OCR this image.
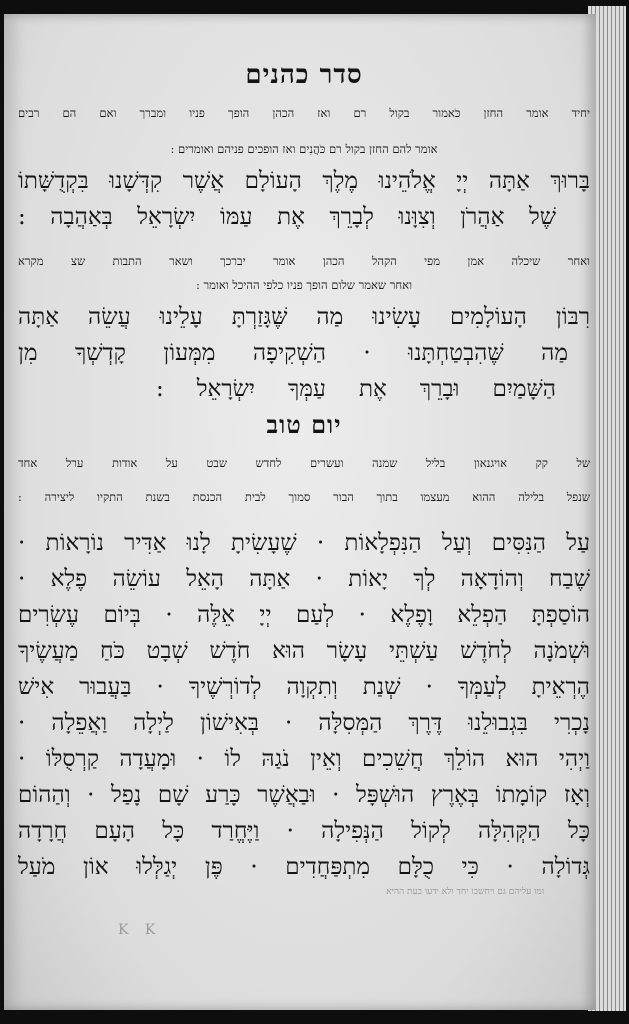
סדר כהנים
יחיד אומר החזן כֹּאמור בקול רם ואז הכהן הופך פניו ומברך ואם הם רבים
אומר להם החזן בקול רם כֹּהֲנִים ואז הופכים פניהם ואומרים :
בָּרוּךְ אַתָּה יְיָ אֱלֹהֵינוּ מֶלֶךְ הָעוֹלָם אֲשֶׁר קִדְּשָׁנוּ בִּקְדֻשָּׁתוֹ
שֶׁל אַהֲרֹן וְצִוָּנוּ לְבָרֵךְ אֶת עַמּוֹ יִשְׂרָאֵל בְּאַהֲבָה :
ואחר שיכלה אמן מפי הקהל הכהן אומר יברכך ושאר התבות שצ מקרא
ואחר שאמר שלום הופך פניו כלפי ההיכל ואומר :
רִבּוֹן הָעוֹלָמִים עָשִׂינוּ מַה שֶּׁגָּזַרְתָּ עָלֵינוּ עֲשֵׂה אַתָּה
מַה שֶּׁהִבְטַחְתָּנוּ · הַשְׁקִיפָה מִמְּעוֹן קָדְשְׁךָ מִן
הַשָּׁמַיִם וּבָרֵךְ אֶת עַמְּךָ יִשְׂרָאֵל :
יום טוב
של קק אויגנאון בליל שמנה ועשרים לחדש שבט על אודות ערל אחד
שנפל בלילה ההוא מעצמו בתוך הבור סמוך לבית הכנסת בשנת התקיו ליצירה :
עַל הַנִּסִּים וְעַל הַנִּפְלָאוֹת · שֶׁעָשִׂיתָ לָנוּ אַדִּיר נוֹרָאוֹת ·
שֶׁבַח וְהוֹדָאָה לְךָ יָאוֹת · אַתָּה הָאֵל עוֹשֵׂה פֶלֶא ·
הוֹסַפְתָּ הַפְלֵא וָפֶלֶא · לְעַם יְיָ אֵלֶּה · בְּיוֹם עֶשְׂרִים
וּשְׁמֹנָה לְחֹדֶשׁ עַשְׁתֵּי עָשָׂר הוּא חֹדֶשׁ שְׁבָט כֹּחַ מַעֲשֶׂיךָ
הֶרְאֵיתָ לְעַמְּךָ · שְׁנַת וְתִקְוָה לְדוֹרְשֶׁיךָ · בַּעֲבוּר אִישׁ
נָכְרִי בִּגְבוּלֵנוּ דֶּרֶךְ הַמְּסִלָּה · בְּאִישׁוֹן לַיְלָה וַאֲפֵלָה ·
וַיְהִי הוּא הוֹלֵךְ חֲשֵׁכִים וְאֵין נֹגַהּ לוֹ · וּמָעֲדָה קַרְסֻלּוֹ ·
וְאָז קוֹמָתוֹ בְּאֶרֶץ הוּשְׁפָּל · וּבַאֲשֶׁר כָּרַע שָׁם נָפַל · וְהַהוֹם
כָּל הַקְּהִלָּה לְקוֹל הַנְּפִילָה · וַיֶּחֱרַד כָּל הָעָם חֲרָדָה
גְּדוֹלָה · כִּי כֻלָּם מִתְפַּחֲדִים · פֶּן יְגַלְּלוּ אוֹן מֹעַל
ומו עליהם גם ויחשבו יחד ולא ידעו בעת ההיא
K K
